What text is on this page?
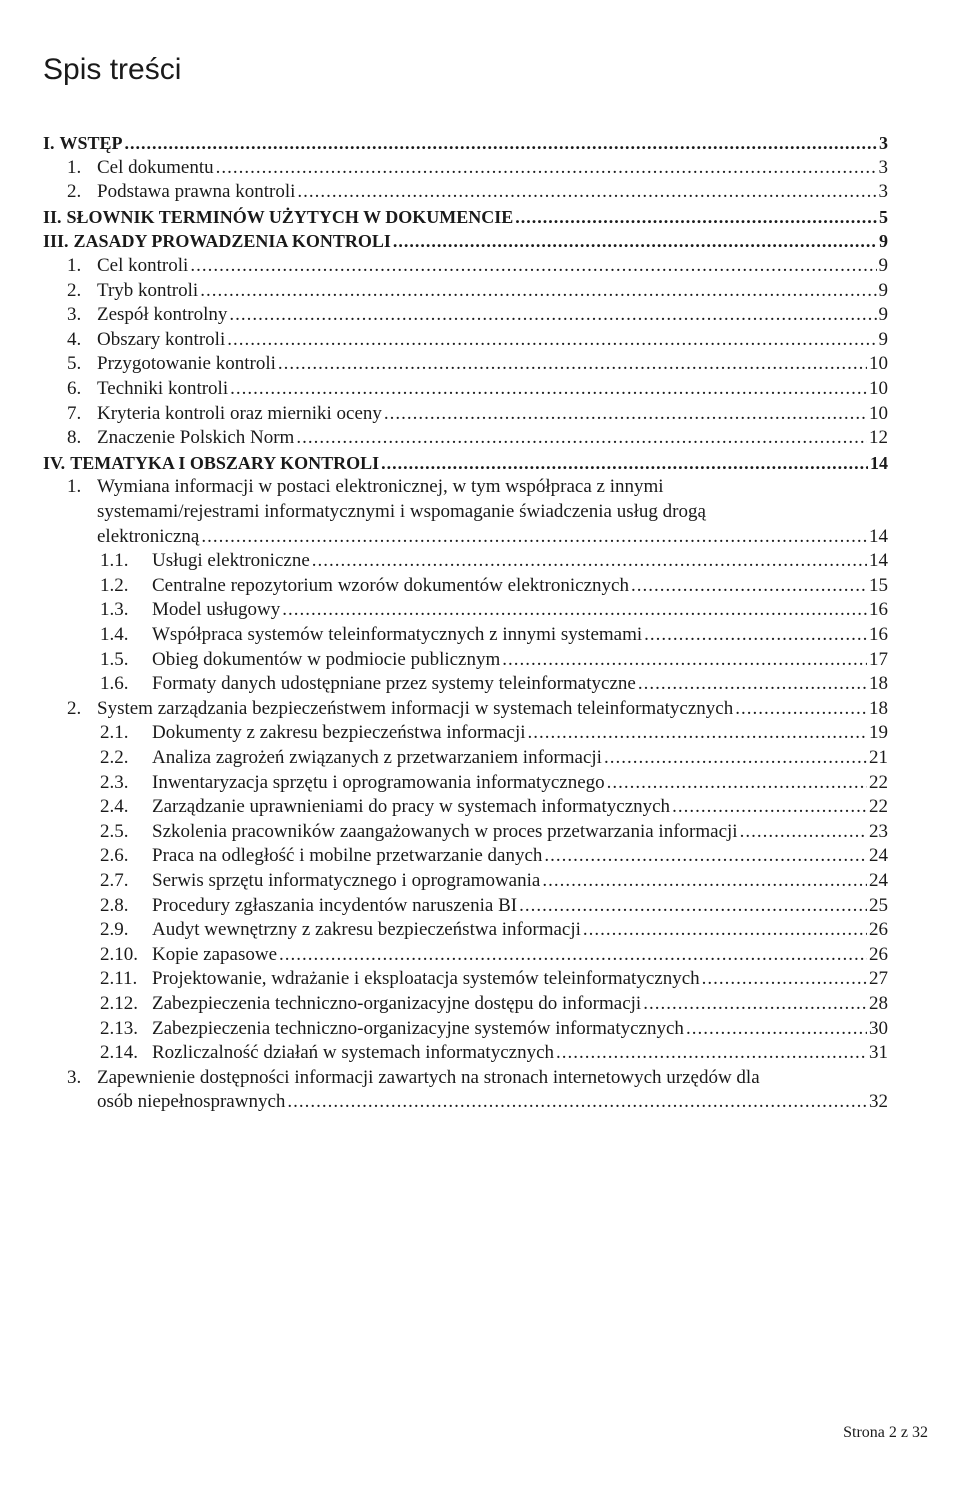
Spis treści
I. WSTĘP .....	3
1. Cel dokumentu .....	3
2. Podstawa prawna kontroli .....	3
II. SŁOWNIK TERMINÓW UŻYTYCH W DOKUMENCIE .....	5
III. ZASADY PROWADZENIA KONTROLI .....	9
1. Cel kontroli .....	9
2. Tryb kontroli .....	9
3. Zespół kontrolny .....	9
4. Obszary kontroli .....	9
5. Przygotowanie kontroli .....	10
6. Techniki kontroli .....	10
7. Kryteria kontroli oraz mierniki oceny .....	10
8. Znaczenie Polskich Norm .....	12
IV. TEMATYKA I OBSZARY KONTROLI .....	14
1. Wymiana informacji w postaci elektronicznej, w tym współpraca z innymi
systemami/rejestrami informatycznymi i wspomaganie świadczenia usług drogą
elektroniczną .....	14
1.1.	Usługi elektroniczne .....	14
1.2.	Centralne repozytorium wzorów dokumentów elektronicznych .....	15
1.3.	Model usługowy .....	16
1.4.	Współpraca systemów teleinformatycznych z innymi systemami .....	16
1.5.	Obieg dokumentów w podmiocie publicznym .....	17
1.6.	Formaty danych udostępniane przez systemy teleinformatyczne .....	18
2. System zarządzania bezpieczeństwem informacji w systemach teleinformatycznych .....	18
2.1.	Dokumenty z zakresu bezpieczeństwa informacji .....	19
2.2.	Analiza zagrożeń związanych z przetwarzaniem informacji .....	21
2.3.	Inwentaryzacja sprzętu i oprogramowania informatycznego .....	22
2.4.	Zarządzanie uprawnieniami do pracy w systemach informatycznych .....	22
2.5.	Szkolenia pracowników zaangażowanych w proces przetwarzania informacji .....	23
2.6.	Praca na odległość i mobilne przetwarzanie danych .....	24
2.7.	Serwis sprzętu informatycznego i oprogramowania .....	24
2.8.	Procedury zgłaszania incydentów naruszenia BI .....	25
2.9.	Audyt wewnętrzny z zakresu bezpieczeństwa informacji .....	26
2.10. Kopie zapasowe .....	26
2.11. Projektowanie, wdrażanie i eksploatacja systemów teleinformatycznych .....	27
2.12. Zabezpieczenia techniczno-organizacyjne dostępu do informacji .....	28
2.13. Zabezpieczenia techniczno-organizacyjne systemów informatycznych .....	30
2.14. Rozliczalność działań w systemach informatycznych .....	31
3. Zapewnienie dostępności informacji zawartych na stronach internetowych urzędów dla
osób niepełnosprawnych .....	32
Strona 2 z 32
